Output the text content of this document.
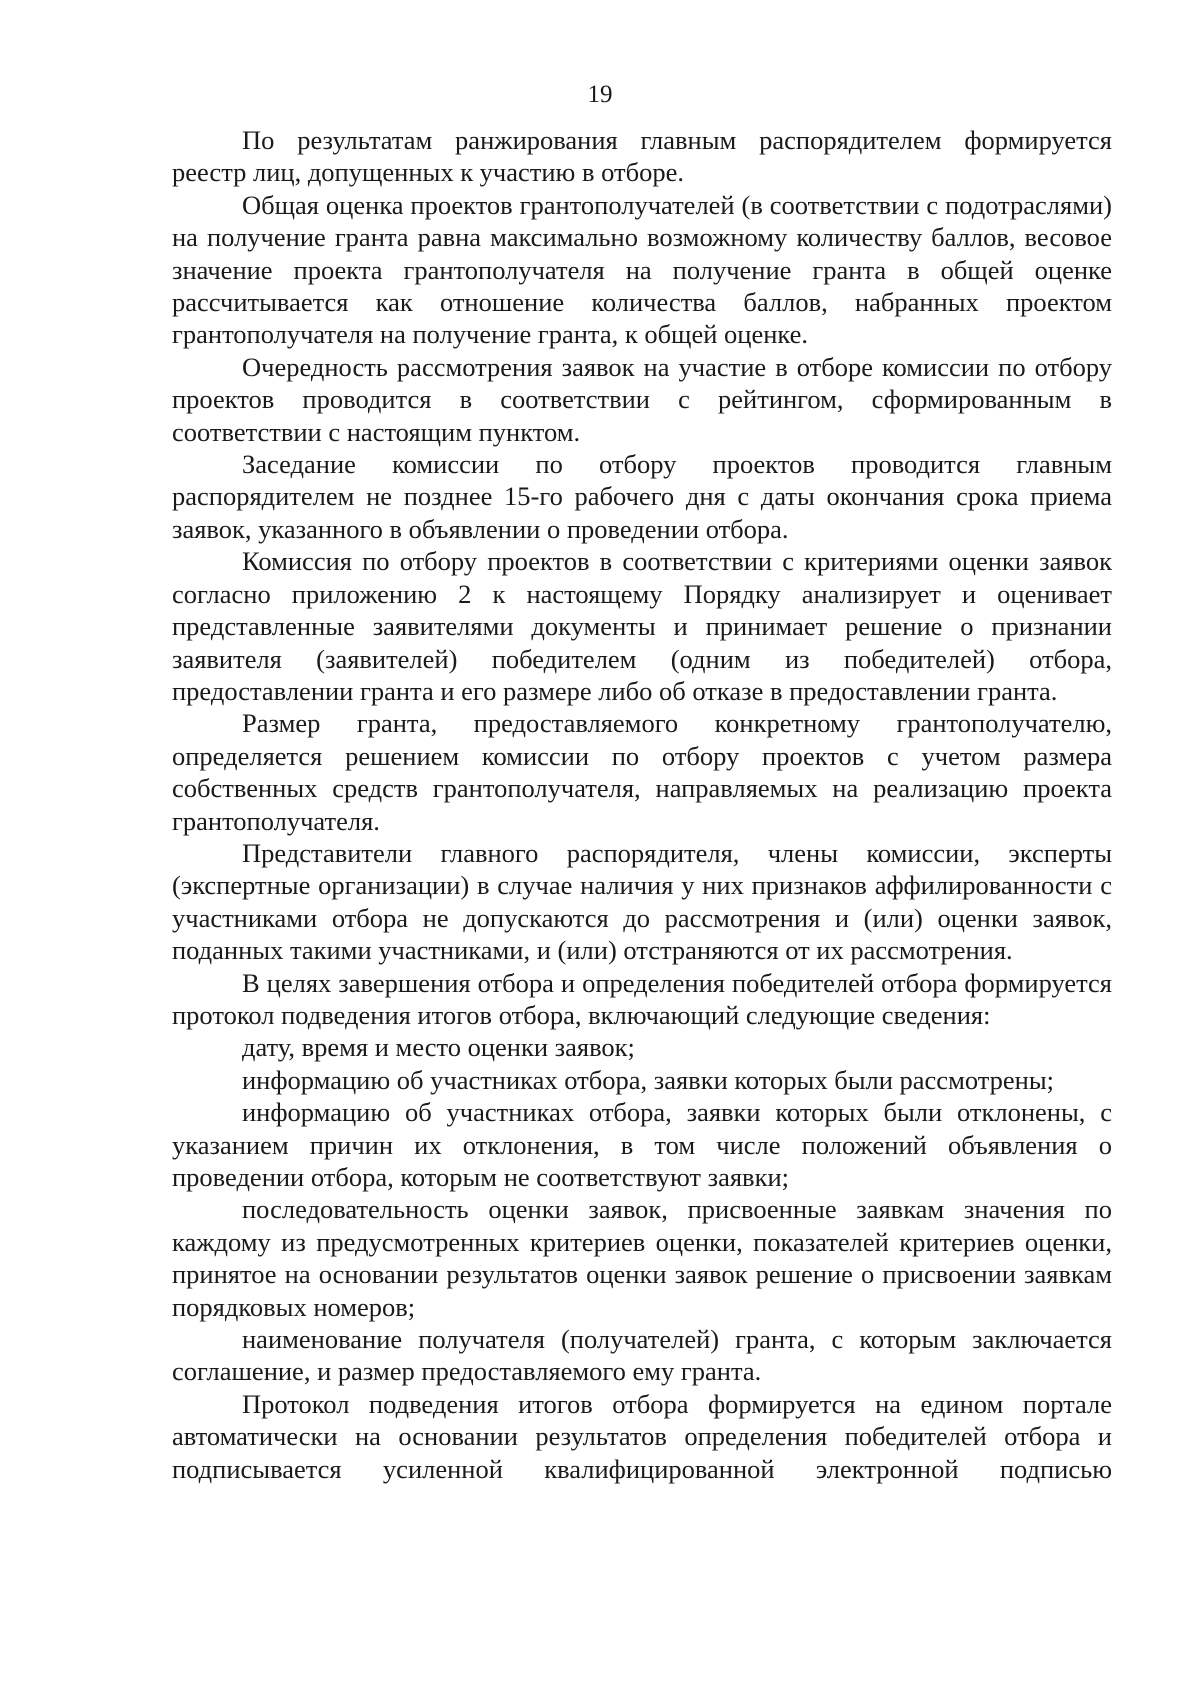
19

По результатам ранжирования главным распорядителем формируется реестр лиц, допущенных к участию в отборе.

Общая оценка проектов грантополучателей (в соответствии с подотраслями) на получение гранта равна максимально возможному количеству баллов, весовое значение проекта грантополучателя на получение гранта в общей оценке рассчитывается как отношение количества баллов, набранных проектом грантополучателя на получение гранта, к общей оценке.

Очередность рассмотрения заявок на участие в отборе комиссии по отбору проектов проводится в соответствии с рейтингом, сформированным в соответствии с настоящим пунктом.

Заседание комиссии по отбору проектов проводится главным распорядителем не позднее 15-го рабочего дня с даты окончания срока приема заявок, указанного в объявлении о проведении отбора.

Комиссия по отбору проектов в соответствии с критериями оценки заявок согласно приложению 2 к настоящему Порядку анализирует и оценивает представленные заявителями документы и принимает решение о признании заявителя (заявителей) победителем (одним из победителей) отбора, предоставлении гранта и его размере либо об отказе в предоставлении гранта.

Размер гранта, предоставляемого конкретному грантополучателю, определяется решением комиссии по отбору проектов с учетом размера собственных средств грантополучателя, направляемых на реализацию проекта грантополучателя.

Представители главного распорядителя, члены комиссии, эксперты (экспертные организации) в случае наличия у них признаков аффилированности с участниками отбора не допускаются до рассмотрения и (или) оценки заявок, поданных такими участниками, и (или) отстраняются от их рассмотрения.

В целях завершения отбора и определения победителей отбора формируется протокол подведения итогов отбора, включающий следующие сведения:

дату, время и место оценки заявок;

информацию об участниках отбора, заявки которых были рассмотрены;

информацию об участниках отбора, заявки которых были отклонены, с указанием причин их отклонения, в том числе положений объявления о проведении отбора, которым не соответствуют заявки;

последовательность оценки заявок, присвоенные заявкам значения по каждому из предусмотренных критериев оценки, показателей критериев оценки, принятое на основании результатов оценки заявок решение о присвоении заявкам порядковых номеров;

наименование получателя (получателей) гранта, с которым заключается соглашение, и размер предоставляемого ему гранта.

Протокол подведения итогов отбора формируется на едином портале автоматически на основании результатов определения победителей отбора и подписывается усиленной квалифицированной электронной подписью
